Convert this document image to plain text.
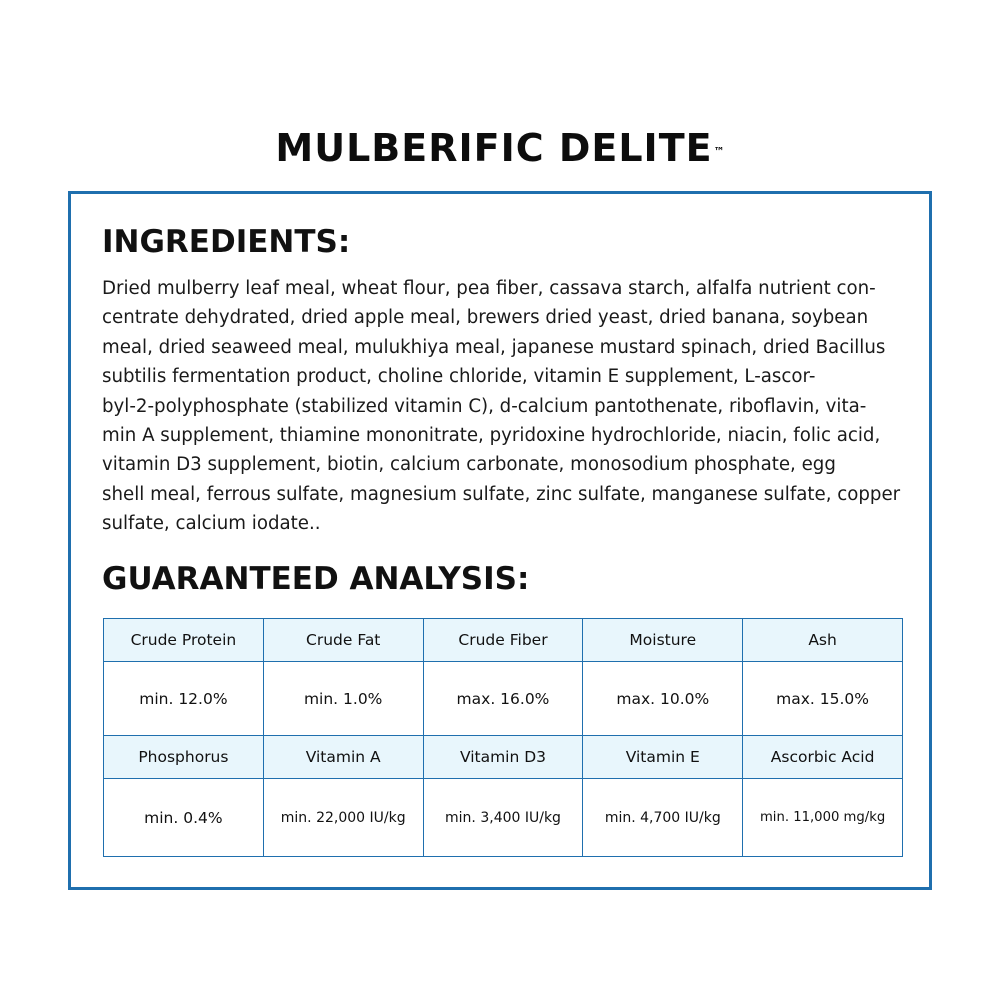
MULBERIFIC DELITE™
INGREDIENTS:
Dried mulberry leaf meal, wheat flour, pea fiber, cassava starch, alfalfa nutrient con-
centrate dehydrated, dried apple meal, brewers dried yeast, dried banana, soybean
meal, dried seaweed meal, mulukhiya meal, japanese mustard spinach, dried Bacillus
subtilis fermentation product, choline chloride, vitamin E supplement, L-ascor-
byl-2-polyphosphate (stabilized vitamin C), d-calcium pantothenate, riboflavin, vita-
min A supplement, thiamine mononitrate, pyridoxine hydrochloride, niacin, folic acid,
vitamin D3 supplement, biotin, calcium carbonate, monosodium phosphate, egg
shell meal, ferrous sulfate, magnesium sulfate, zinc sulfate, manganese sulfate, copper
sulfate, calcium iodate..
GUARANTEED ANALYSIS:
Crude Protein	Crude Fat	Crude Fiber	Moisture	Ash
min. 12.0%	min. 1.0%	max. 16.0%	max. 10.0%	max. 15.0%
Phosphorus	Vitamin A	Vitamin D3	Vitamin E	Ascorbic Acid
min. 0.4%	min. 22,000 IU/kg	min. 3,400 IU/kg	min. 4,700 IU/kg	min. 11,000 mg/kg
